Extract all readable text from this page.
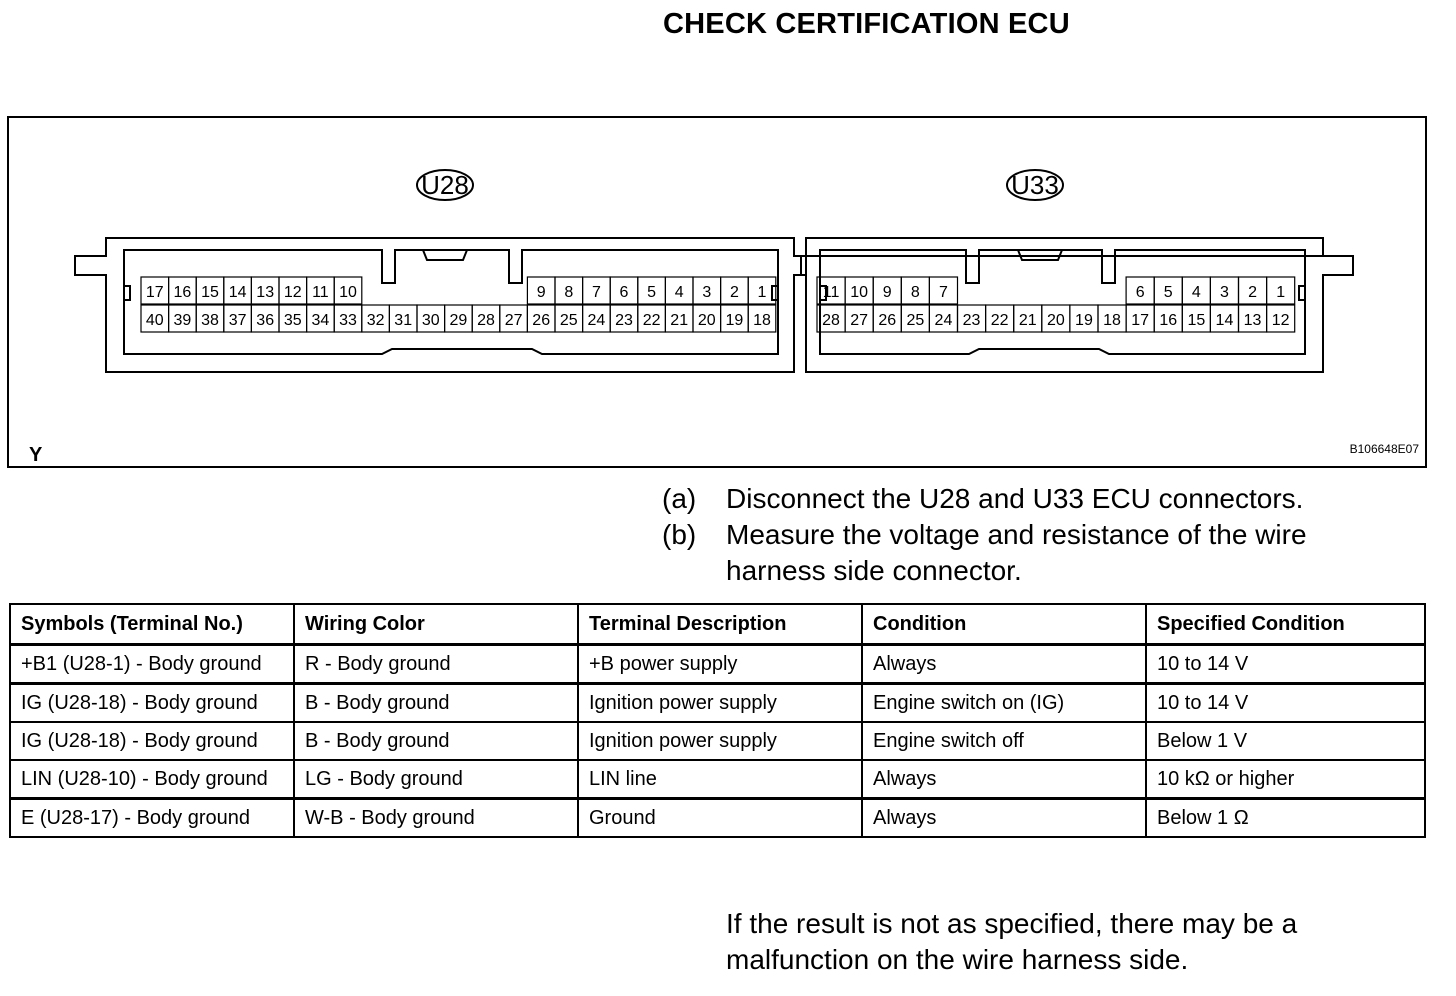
CHECK CERTIFICATION ECU
U28
17 16 15 14 13 12 11 10	9 8 7 6 5 4 3 2 1
40 39 38 37 36 35 34 33 32 31 30 29 28 27 26 25 24 23 22 21 20 19 18
U33
11 10 9 8 7	6 5 4 3 2 1
28 27 26 25 24 23 22 21 20 19 18 17 16 15 14 13 12
Y	B106648E07
(a)	Disconnect the U28 and U33 ECU connectors.
(b)	Measure the voltage and resistance of the wire harness side connector.
Symbols (Terminal No.)	Wiring Color	Terminal Description	Condition	Specified Condition
+B1 (U28-1) - Body ground	R - Body ground	+B power supply	Always	10 to 14 V
IG (U28-18) - Body ground	B - Body ground	Ignition power supply	Engine switch on (IG)	10 to 14 V
IG (U28-18) - Body ground	B - Body ground	Ignition power supply	Engine switch off	Below 1 V
LIN (U28-10) - Body ground	LG - Body ground	LIN line	Always	10 kΩ or higher
E (U28-17) - Body ground	W-B - Body ground	Ground	Always	Below 1 Ω
If the result is not as specified, there may be a malfunction on the wire harness side.
